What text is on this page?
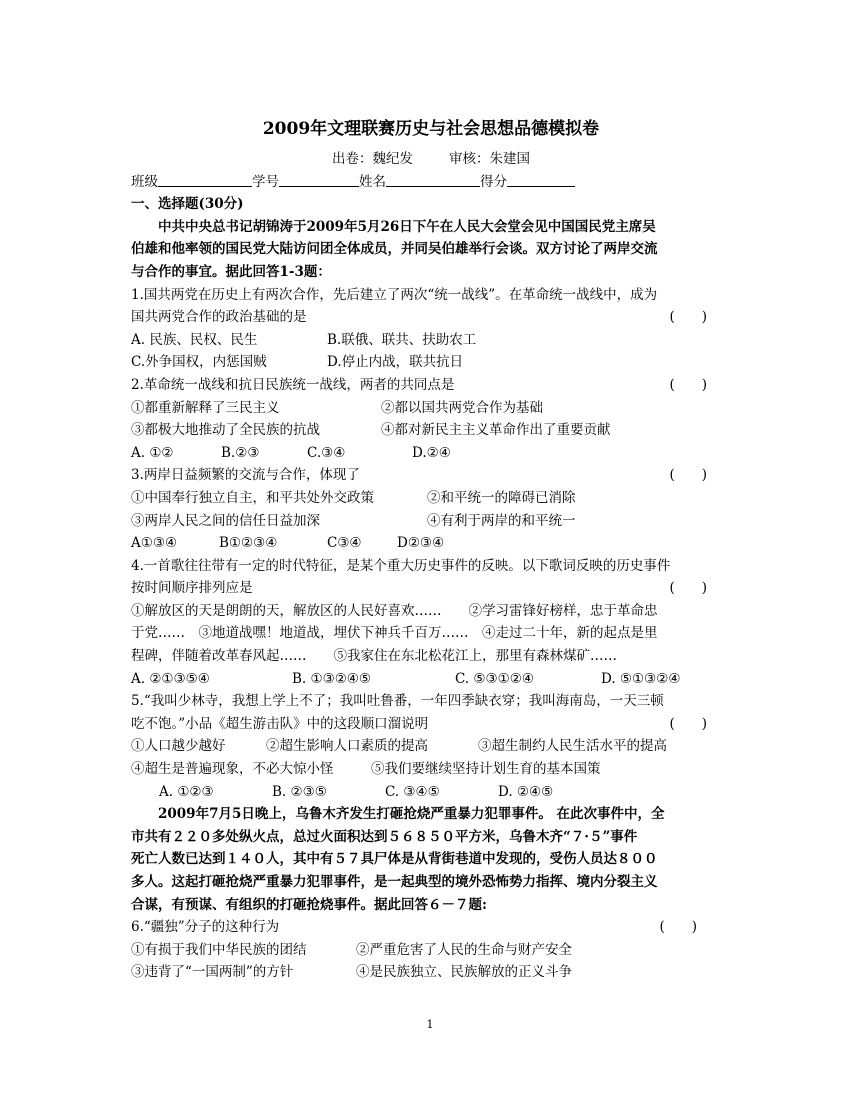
2009年文理联赛历史与社会思想品德模拟卷
出卷：魏纪发	审核：朱建国
班级	学号	姓名	得分
一、选择题(30分)
中共中央总书记胡锦涛于2009年5月26日下午在人民大会堂会见中国国民党主席吴
伯雄和他率领的国民党大陆访问团全体成员，并同吴伯雄举行会谈。双方讨论了两岸交流
与合作的事宜。据此回答1-3题：
1.国共两党在历史上有两次合作，先后建立了两次“统一战线”。在革命统一战线中，成为
国共两党合作的政治基础的是	(　　)
A. 民族、民权、民生	B.联俄、联共、扶助农工
C.外争国权，内惩国贼	D.停止内战，联共抗日
2.革命统一战线和抗日民族统一战线，两者的共同点是	(　　)
①都重新解释了三民主义	②都以国共两党合作为基础
③都极大地推动了全民族的抗战	④都对新民主主义革命作出了重要贡献
A. ①②	B.②③	C.③④	D.②④
3.两岸日益频繁的交流与合作，体现了	(　　)
①中国奉行独立自主，和平共处外交政策	②和平统一的障碍已消除
③两岸人民之间的信任日益加深	④有利于两岸的和平统一
A①③④	B①②③④	C③④	D②③④
4.一首歌往往带有一定的时代特征，是某个重大历史事件的反映。以下歌词反映的历史事件
按时间顺序排列应是	(　　)
①解放区的天是朗朗的天，解放区的人民好喜欢……　　②学习雷锋好榜样，忠于革命忠
于党……　③地道战嘿！地道战，埋伏下神兵千百万……　④走过二十年，新的起点是里
程碑，伴随着改革春风起……　　⑤我家住在东北松花江上，那里有森林煤矿……
A. ②①③⑤④	B. ①③②④⑤	C. ⑤③①②④	D. ⑤①③②④
5.“我叫少林寺，我想上学上不了；我叫吐鲁番，一年四季缺衣穿；我叫海南岛，一天三顿
吃不饱。”小品《超生游击队》中的这段顺口溜说明	(　　)
①人口越少越好	②超生影响人口素质的提高	③超生制约人民生活水平的提高
④超生是普遍现象，不必大惊小怪	⑤我们要继续坚持计划生育的基本国策
A. ①②③	B. ②③⑤	C. ③④⑤	D. ②④⑤
2009年7月5日晚上，乌鲁木齐发生打砸抢烧严重暴力犯罪事件。 在此次事件中，全
市共有２２０多处纵火点，总过火面积达到５６８５０平方米，乌鲁木齐“７·５”事件
死亡人数已达到１４０人，其中有５７具尸体是从背街巷道中发现的，受伤人员达８００
多人。这起打砸抢烧严重暴力犯罪事件，是一起典型的境外恐怖势力指挥、境内分裂主义
合谋，有预谋、有组织的打砸抢烧事件。据此回答６－７题:
6.“疆独”分子的这种行为	(　　)
①有损于我们中华民族的团结	②严重危害了人民的生命与财产安全
③违背了“一国两制”的方针	④是民族独立、民族解放的正义斗争
1
